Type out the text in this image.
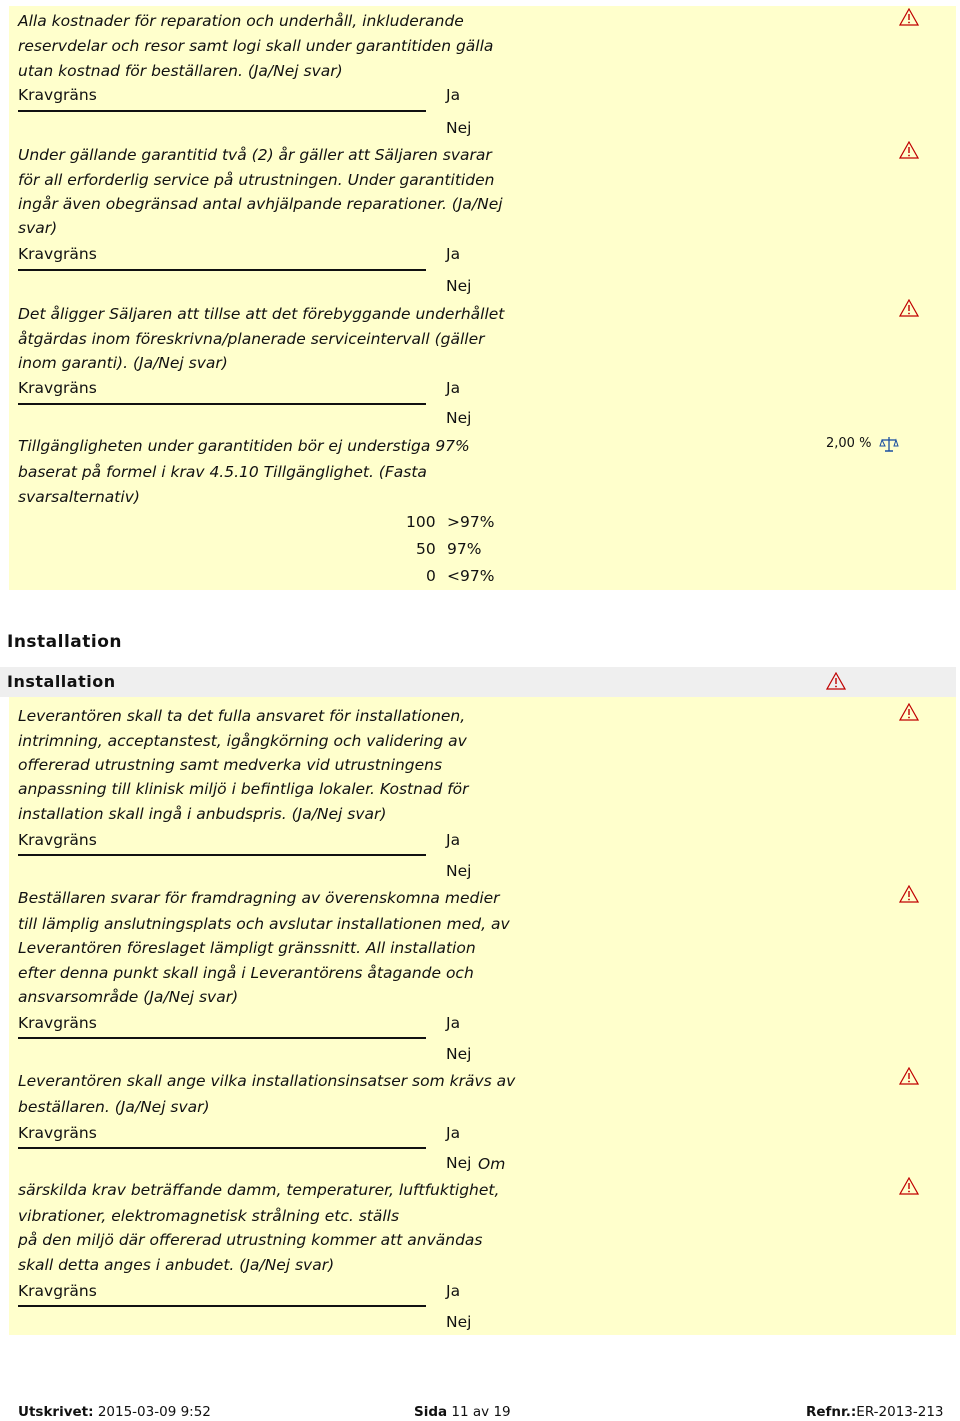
Alla kostnader för reparation och underhåll, inkluderande
reservdelar och resor samt logi skall under garantitiden gälla
utan kostnad för beställaren. (Ja/Nej svar)
Kravgräns	Ja
Nej
Under gällande garantitid två (2) år gäller att Säljaren svarar
för all erforderlig service på utrustningen. Under garantitiden
ingår även obegränsad antal avhjälpande reparationer. (Ja/Nej
svar)
Kravgräns	Ja
Nej
Det åligger Säljaren att tillse att det förebyggande underhållet
åtgärdas inom föreskrivna/planerade serviceintervall (gäller
inom garanti). (Ja/Nej svar)
Kravgräns	Ja
Nej
Tillgängligheten under garantitiden bör ej understiga 97%
baserat på formel i krav 4.5.10 Tillgänglighet. (Fasta
svarsalternativ)
2,00 %
100 >97%
50 97%
0 <97%
Installation
Installation
Leverantören skall ta det fulla ansvaret för installationen,
intrimning, acceptanstest, igångkörning och validering av
offererad utrustning samt medverka vid utrustningens
anpassning till klinisk miljö i befintliga lokaler. Kostnad för
installation skall ingå i anbudspris. (Ja/Nej svar)
Kravgräns	Ja
Nej
Beställaren svarar för framdragning av överenskomna medier
till lämplig anslutningsplats och avslutar installationen med, av
Leverantören föreslaget lämpligt gränssnitt. All installation
efter denna punkt skall ingå i Leverantörens åtagande och
ansvarsområde (Ja/Nej svar)
Kravgräns	Ja
Nej
Leverantören skall ange vilka installationsinsatser som krävs av
beställaren. (Ja/Nej svar)
Kravgräns	Ja
Nej Om
särskilda krav beträffande damm, temperaturer, luftfuktighet,
vibrationer, elektromagnetisk strålning etc. ställs
på den miljö där offererad utrustning kommer att användas
skall detta anges i anbudet. (Ja/Nej svar)
Kravgräns	Ja
Nej
Utskrivet: 2015-03-09 9:52	Sida 11 av 19	Refnr.:ER-2013-213
